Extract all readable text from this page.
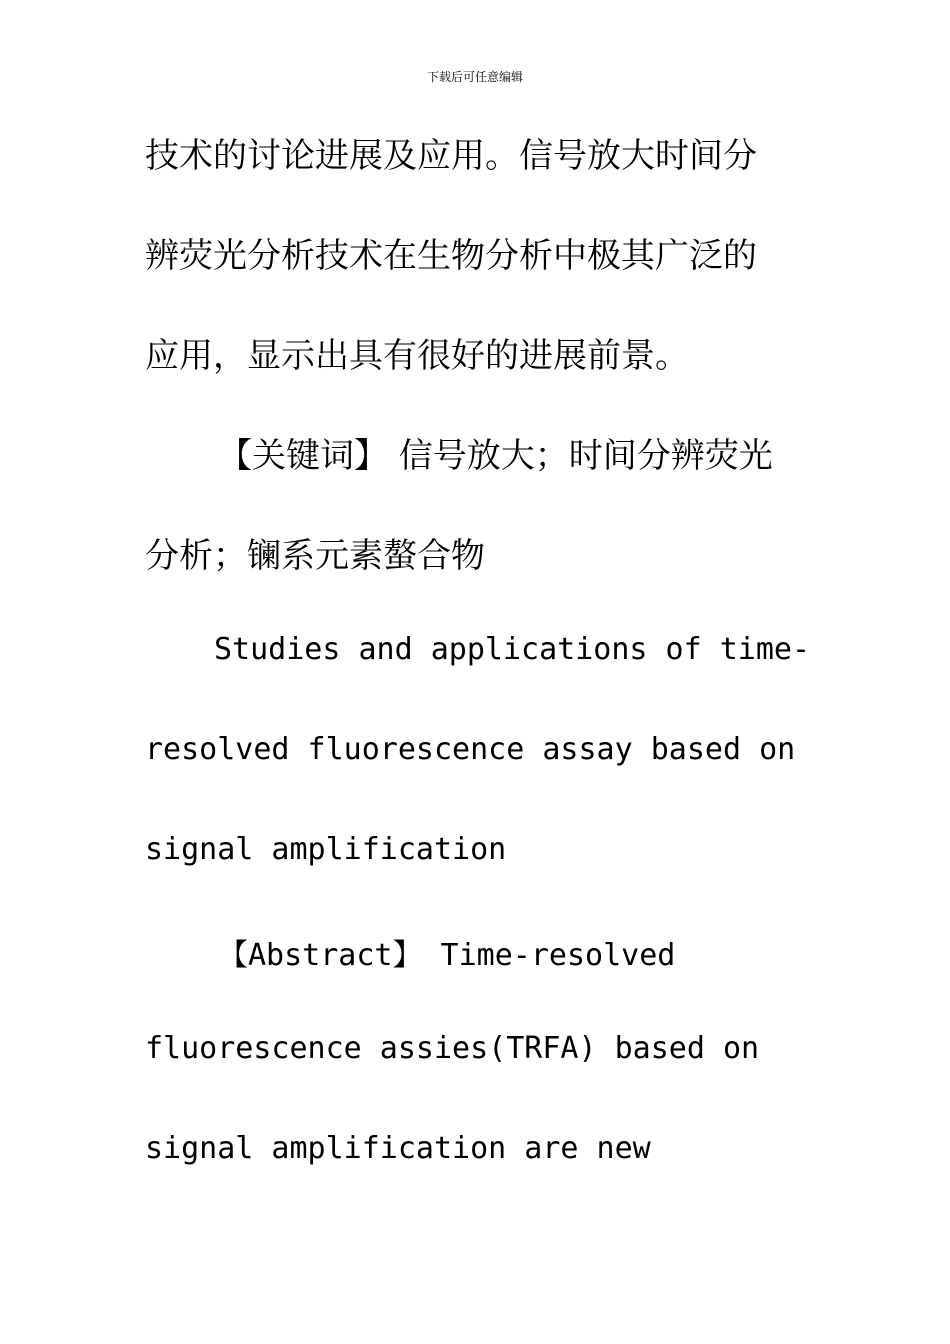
下载后可任意编辑
技术的讨论进展及应用。信号放大时间分
辨荧光分析技术在生物分析中极其广泛的
应用，显示出具有很好的进展前景。
【关键词】 信号放大；时间分辨荧光
分析；镧系元素螯合物
Studies and applications of time-
resolved fluorescence assay based on
signal amplification
【Abstract】 Time-resolved
fluorescence assies(TRFA) based on
signal amplification are new
